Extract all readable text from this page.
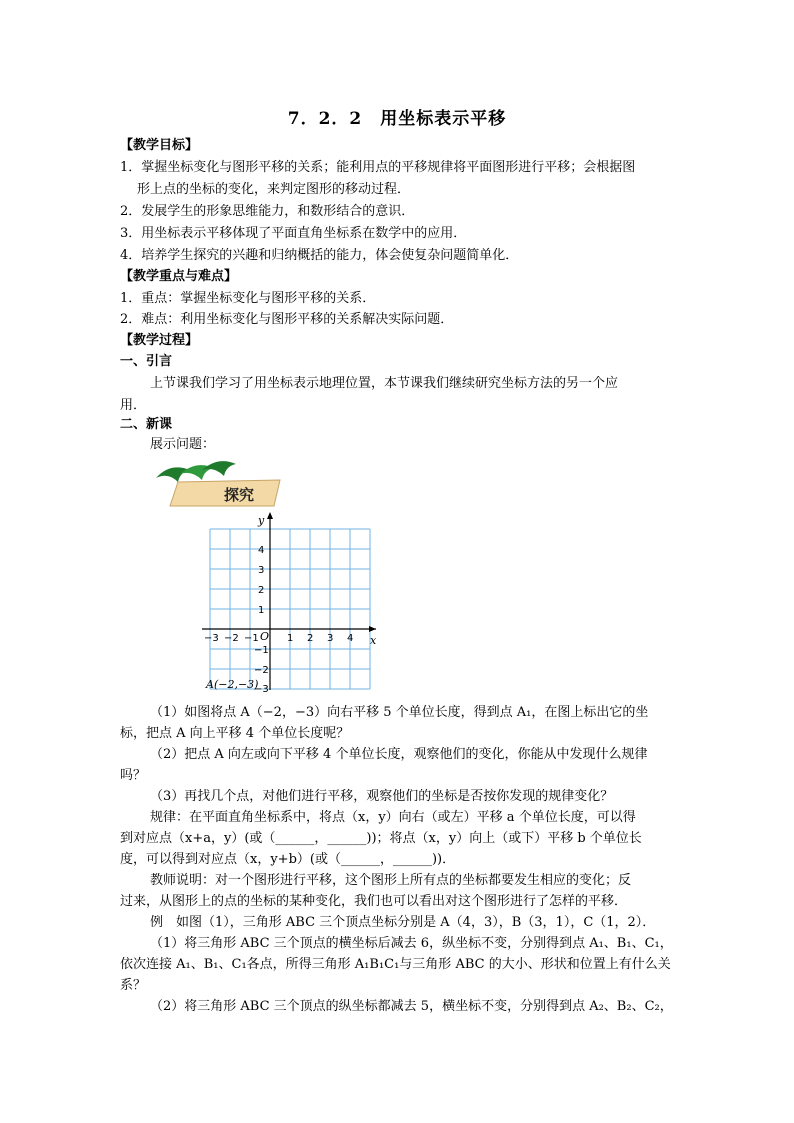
7．2．2　用坐标表示平移
【教学目标】
1．掌握坐标变化与图形平移的关系；能利用点的平移规律将平面图形进行平移；会根据图
形上点的坐标的变化，来判定图形的移动过程．
2．发展学生的形象思维能力，和数形结合的意识．
3．用坐标表示平移体现了平面直角坐标系在数学中的应用．
4．培养学生探究的兴趣和归纳概括的能力，体会使复杂问题简单化．
【教学重点与难点】
1．重点：掌握坐标变化与图形平移的关系．
2．难点：利用坐标变化与图形平移的关系解决实际问题．
【教学过程】
一、引言
上节课我们学习了用坐标表示地理位置，本节课我们继续研究坐标方法的另一个应
用．
二、新课
展示问题：
探究
x
y
O
−3 −2 −1	1 2 3 4
4
3
2
1
−1
−2
−3
A(−2,−3)
（1）如图将点 A（−2，−3）向右平移 5 个单位长度，得到点 A₁，在图上标出它的坐
标，把点 A 向上平移 4 个单位长度呢？
（2）把点 A 向左或向下平移 4 个单位长度，观察他们的变化，你能从中发现什么规律
吗？
（3）再找几个点，对他们进行平移，观察他们的坐标是否按你发现的规律变化？
规律：在平面直角坐标系中，将点（x，y）向右（或左）平移 a 个单位长度，可以得
到对应点（x+a，y）(或（______，______))；将点（x，y）向上（或下）平移 b 个单位长
度，可以得到对应点（x，y+b）(或（______，______))．
教师说明：对一个图形进行平移，这个图形上所有点的坐标都要发生相应的变化；反
过来，从图形上的点的坐标的某种变化，我们也可以看出对这个图形进行了怎样的平移．
例　如图（1），三角形 ABC 三个顶点坐标分别是 A（4，3），B（3，1），C（1，2）．
（1）将三角形 ABC 三个顶点的横坐标后减去 6，纵坐标不变，分别得到点 A₁、B₁、C₁，
依次连接 A₁、B₁、C₁各点，所得三角形 A₁B₁C₁与三角形 ABC 的大小、形状和位置上有什么关
系？
（2）将三角形 ABC 三个顶点的纵坐标都减去 5，横坐标不变，分别得到点 A₂、B₂、C₂，
